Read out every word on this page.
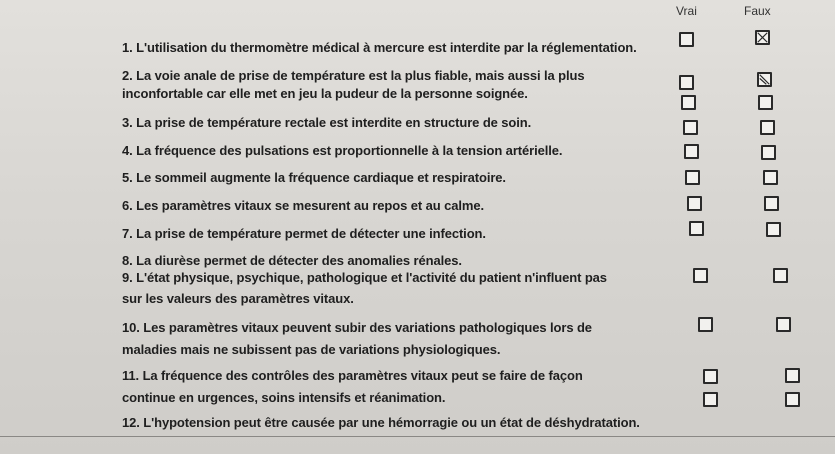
Vrai	Faux
1. L'utilisation du thermomètre médical à mercure est interdite par la réglementation.
2. La voie anale de prise de température est la plus fiable, mais aussi la plus
inconfortable car elle met en jeu la pudeur de la personne soignée.
3. La prise de température rectale est interdite en structure de soin.
4. La fréquence des pulsations est proportionnelle à la tension artérielle.
5. Le sommeil augmente la fréquence cardiaque et respiratoire.
6. Les paramètres vitaux se mesurent au repos et au calme.
7. La prise de température permet de détecter une infection.
8. La diurèse permet de détecter des anomalies rénales.
9. L'état physique, psychique, pathologique et l'activité du patient n'influent pas
sur les valeurs des paramètres vitaux.
10. Les paramètres vitaux peuvent subir des variations pathologiques lors de
maladies mais ne subissent pas de variations physiologiques.
11. La fréquence des contrôles des paramètres vitaux peut se faire de façon
continue en urgences, soins intensifs et réanimation.
12. L'hypotension peut être causée par une hémorragie ou un état de déshydratation.
